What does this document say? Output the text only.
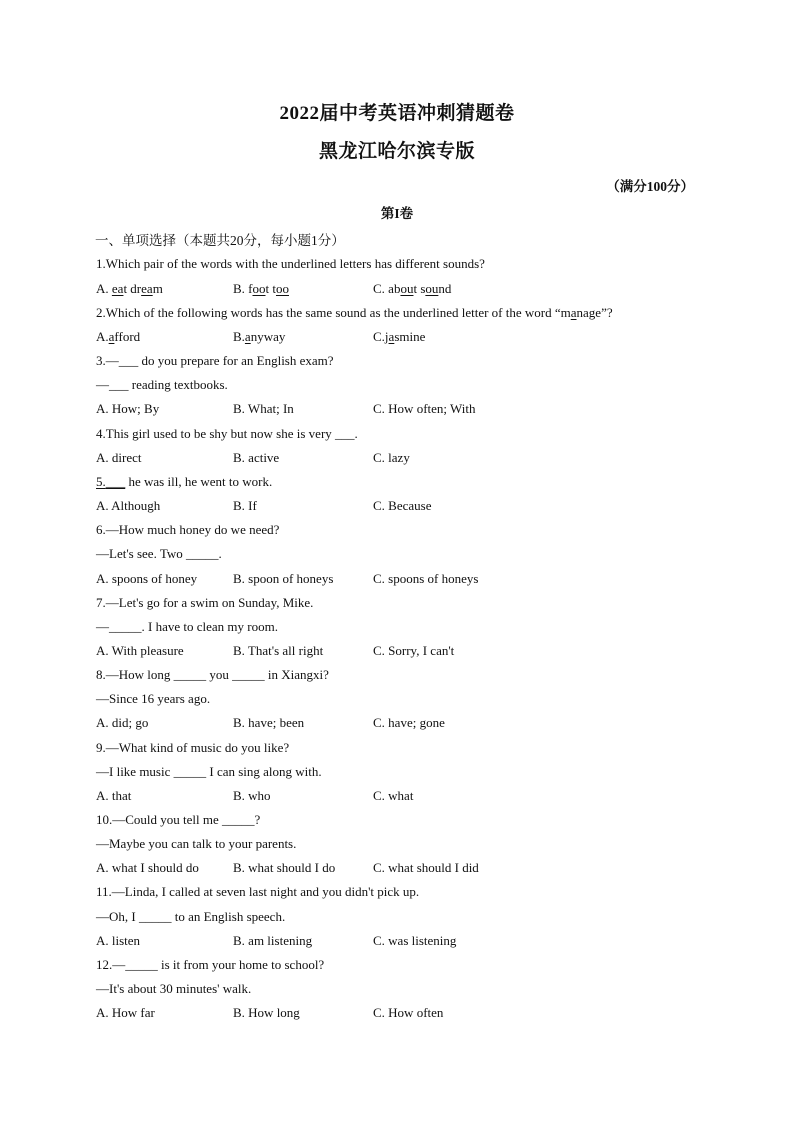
2022届中考英语冲刺猜题卷
黑龙江哈尔滨专版
（满分100分）
第I卷
一、单项选择（本题共20分，每小题1分）
1.Which pair of the words with the underlined letters has different sounds?
A. eat dream	B. foot too	C. about sound
2.Which of the following words has the same sound as the underlined letter of the word “manage”?
A.afford	B.anyway	C.jasmine
3.—___ do you prepare for an English exam?
—___ reading textbooks.
A. How; By	B. What; In	C. How often; With
4.This girl used to be shy but now she is very ___.
A. direct	B. active	C. lazy
5.___ he was ill, he went to work.
A. Although	B. If	C. Because
6.—How much honey do we need?
—Let's see. Two _____.
A. spoons of honey	B. spoon of honeys	C. spoons of honeys
7.—Let's go for a swim on Sunday, Mike.
—_____. I have to clean my room.
A. With pleasure	B. That's all right	C. Sorry, I can't
8.—How long _____ you _____ in Xiangxi?
—Since 16 years ago.
A. did; go	B. have; been	C. have; gone
9.—What kind of music do you like?
—I like music _____ I can sing along with.
A. that	B. who	C. what
10.—Could you tell me _____?
—Maybe you can talk to your parents.
A. what I should do	B. what should I do	C. what should I did
11.—Linda, I called at seven last night and you didn't pick up.
—Oh, I _____ to an English speech.
A. listen	B. am listening	C. was listening
12.—_____ is it from your home to school?
—It's about 30 minutes' walk.
A. How far	B. How long	C. How often
